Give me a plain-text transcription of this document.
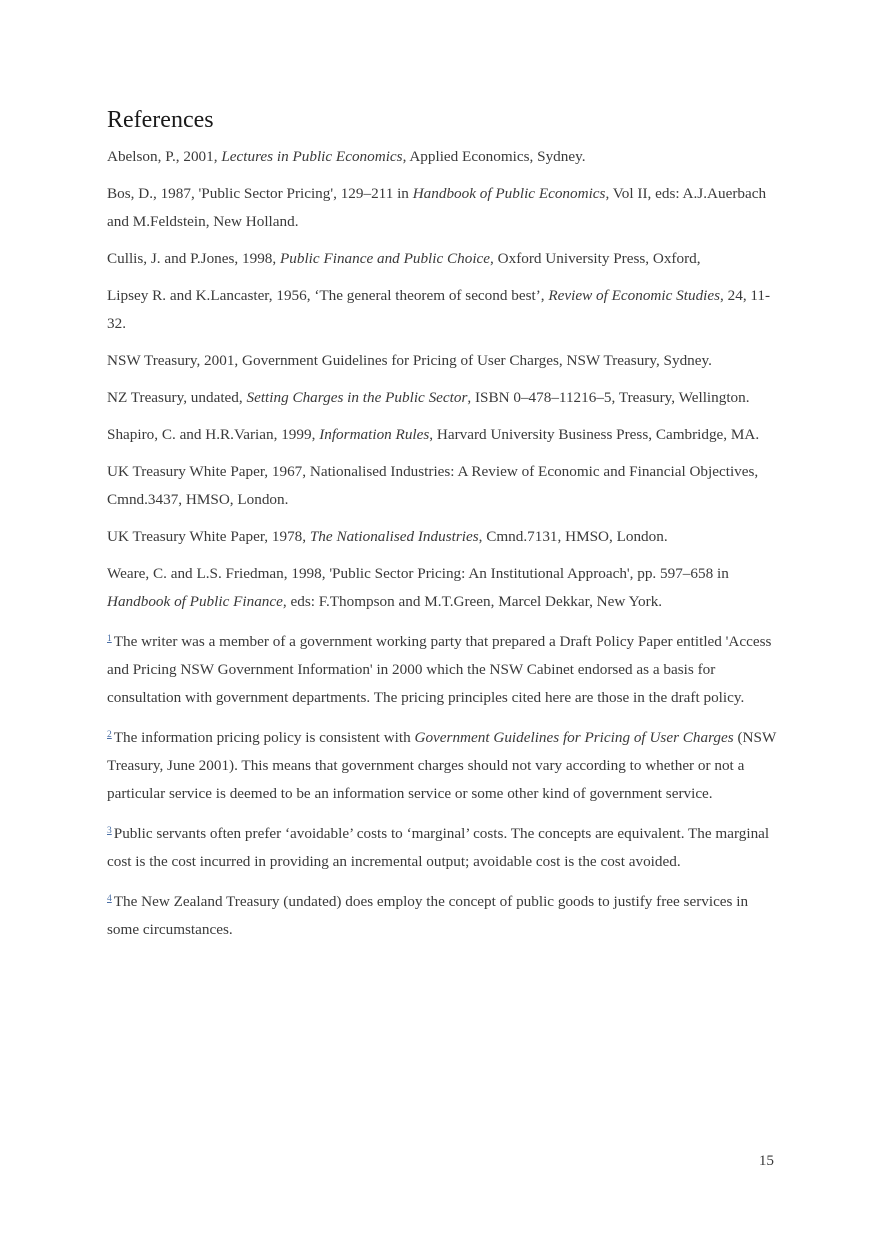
References

Abelson, P., 2001, Lectures in Public Economics, Applied Economics, Sydney.

Bos, D., 1987, 'Public Sector Pricing', 129–211 in Handbook of Public Economics, Vol II, eds: A.J.Auerbach and M.Feldstein, New Holland.

Cullis, J. and P.Jones, 1998, Public Finance and Public Choice, Oxford University Press, Oxford,

Lipsey R. and K.Lancaster, 1956, ‘The general theorem of second best’, Review of Economic Studies, 24, 11-32.

NSW Treasury, 2001, Government Guidelines for Pricing of User Charges, NSW Treasury, Sydney.

NZ Treasury, undated, Setting Charges in the Public Sector, ISBN 0–478–11216–5, Treasury, Wellington.

Shapiro, C. and H.R.Varian, 1999, Information Rules, Harvard University Business Press, Cambridge, MA.

UK Treasury White Paper, 1967, Nationalised Industries: A Review of Economic and Financial Objectives, Cmnd.3437, HMSO, London.

UK Treasury White Paper, 1978, The Nationalised Industries, Cmnd.7131, HMSO, London.

Weare, C. and L.S. Friedman, 1998, 'Public Sector Pricing: An Institutional Approach', pp. 597–658 in Handbook of Public Finance, eds: F.Thompson and M.T.Green, Marcel Dekkar, New York.

$^1$ The writer was a member of a government working party that prepared a Draft Policy Paper entitled 'Access and Pricing NSW Government Information' in 2000 which the NSW Cabinet endorsed as a basis for consultation with government departments. The pricing principles cited here are those in the draft policy.

$^2$ The information pricing policy is consistent with Government Guidelines for Pricing of User Charges (NSW Treasury, June 2001). This means that government charges should not vary according to whether or not a particular service is deemed to be an information service or some other kind of government service.

$^3$ Public servants often prefer ‘avoidable’ costs to ‘marginal’ costs. The concepts are equivalent. The marginal cost is the cost incurred in providing an incremental output; avoidable cost is the cost avoided.

$^4$ The New Zealand Treasury (undated) does employ the concept of public goods to justify free services in some circumstances.

15
